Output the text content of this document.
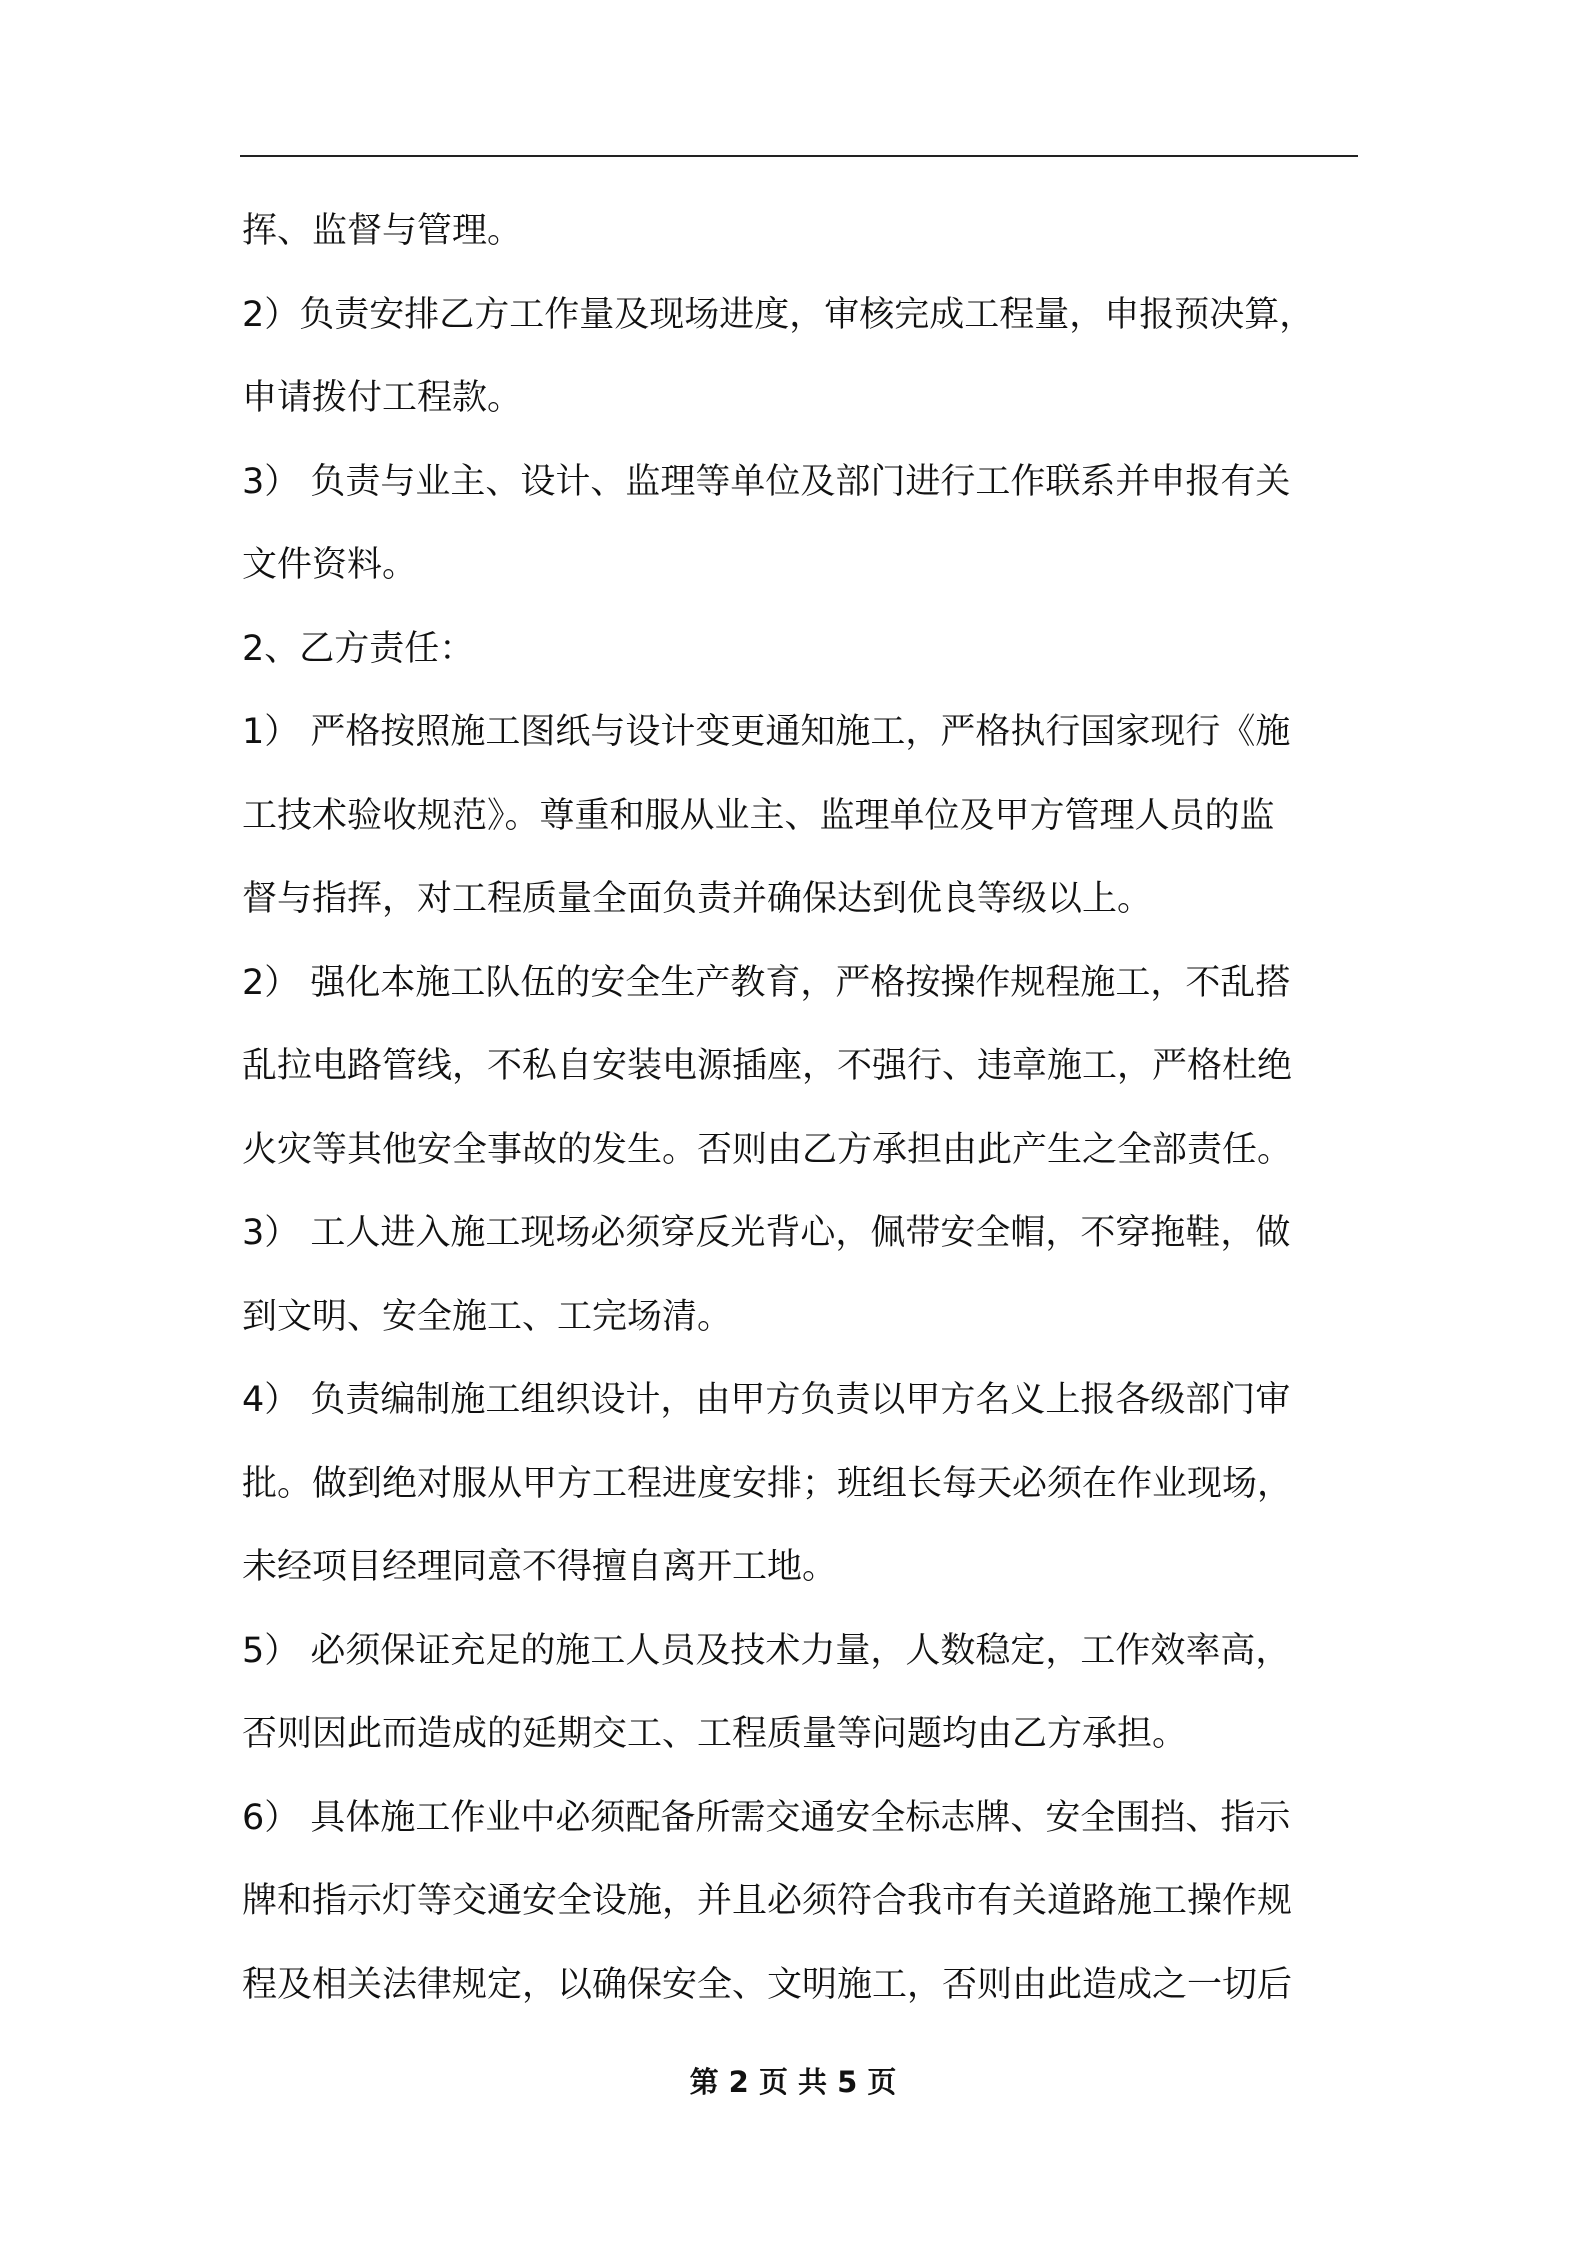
挥、监督与管理。
2）负责安排乙方工作量及现场进度，审核完成工程量，申报预决算，
申请拨付工程款。
3） 负责与业主、设计、监理等单位及部门进行工作联系并申报有关
文件资料。
2、乙方责任：
1） 严格按照施工图纸与设计变更通知施工，严格执行国家现行《施
工技术验收规范》。尊重和服从业主、监理单位及甲方管理人员的监
督与指挥，对工程质量全面负责并确保达到优良等级以上。
2） 强化本施工队伍的安全生产教育，严格按操作规程施工，不乱搭
乱拉电路管线，不私自安装电源插座，不强行、违章施工，严格杜绝
火灾等其他安全事故的发生。否则由乙方承担由此产生之全部责任。
3） 工人进入施工现场必须穿反光背心，佩带安全帽，不穿拖鞋，做
到文明、安全施工、工完场清。
4） 负责编制施工组织设计，由甲方负责以甲方名义上报各级部门审
批。做到绝对服从甲方工程进度安排；班组长每天必须在作业现场，
未经项目经理同意不得擅自离开工地。
5） 必须保证充足的施工人员及技术力量，人数稳定，工作效率高，
否则因此而造成的延期交工、工程质量等问题均由乙方承担。
6） 具体施工作业中必须配备所需交通安全标志牌、安全围挡、指示
牌和指示灯等交通安全设施，并且必须符合我市有关道路施工操作规
程及相关法律规定，以确保安全、文明施工，否则由此造成之一切后
第 2 页 共 5 页
